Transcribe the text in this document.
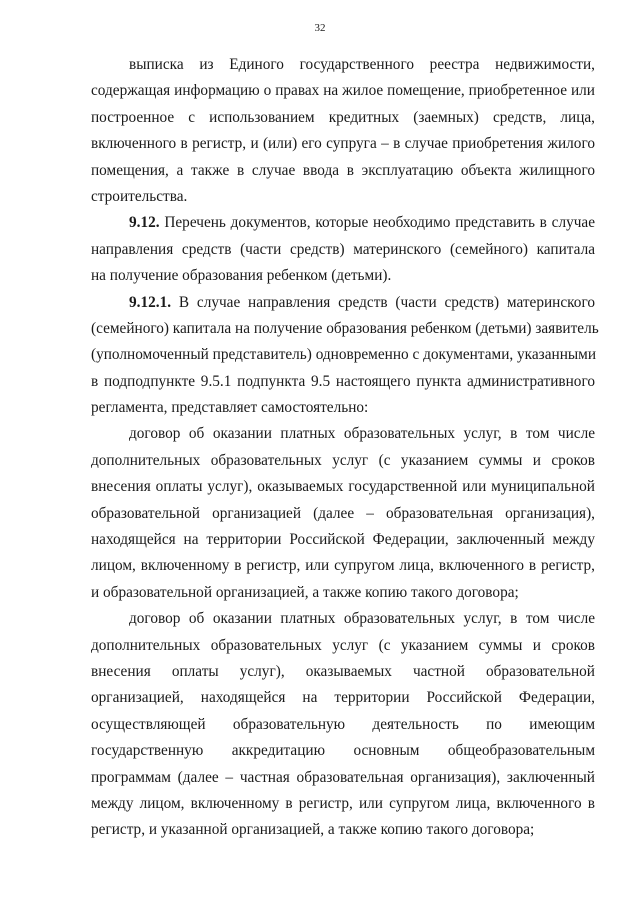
32
выписка из Единого государственного реестра недвижимости,
содержащая информацию о правах на жилое помещение, приобретенное или
построенное с использованием кредитных (заемных) средств, лица,
включенного в регистр, и (или) его супруга – в случае приобретения жилого
помещения, а также в случае ввода в эксплуатацию объекта жилищного
строительства.
9.12. Перечень документов, которые необходимо представить в случае
направления средств (части средств) материнского (семейного) капитала
на получение образования ребенком (детьми).
9.12.1. В случае направления средств (части средств) материнского
(семейного) капитала на получение образования ребенком (детьми) заявитель
(уполномоченный представитель) одновременно с документами, указанными
в подподпункте 9.5.1 подпункта 9.5 настоящего пункта административного
регламента, представляет самостоятельно:
договор об оказании платных образовательных услуг, в том числе
дополнительных образовательных услуг (с указанием суммы и сроков
внесения оплаты услуг), оказываемых государственной или муниципальной
образовательной организацией (далее – образовательная организация),
находящейся на территории Российской Федерации, заключенный между
лицом, включенному в регистр, или супругом лица, включенного в регистр,
и образовательной организацией, а также копию такого договора;
договор об оказании платных образовательных услуг, в том числе
дополнительных образовательных услуг (с указанием суммы и сроков
внесения оплаты услуг), оказываемых частной образовательной
организацией, находящейся на территории Российской Федерации,
осуществляющей образовательную деятельность по имеющим
государственную аккредитацию основным общеобразовательным
программам (далее – частная образовательная организация), заключенный
между лицом, включенному в регистр, или супругом лица, включенного в
регистр, и указанной организацией, а также копию такого договора;
